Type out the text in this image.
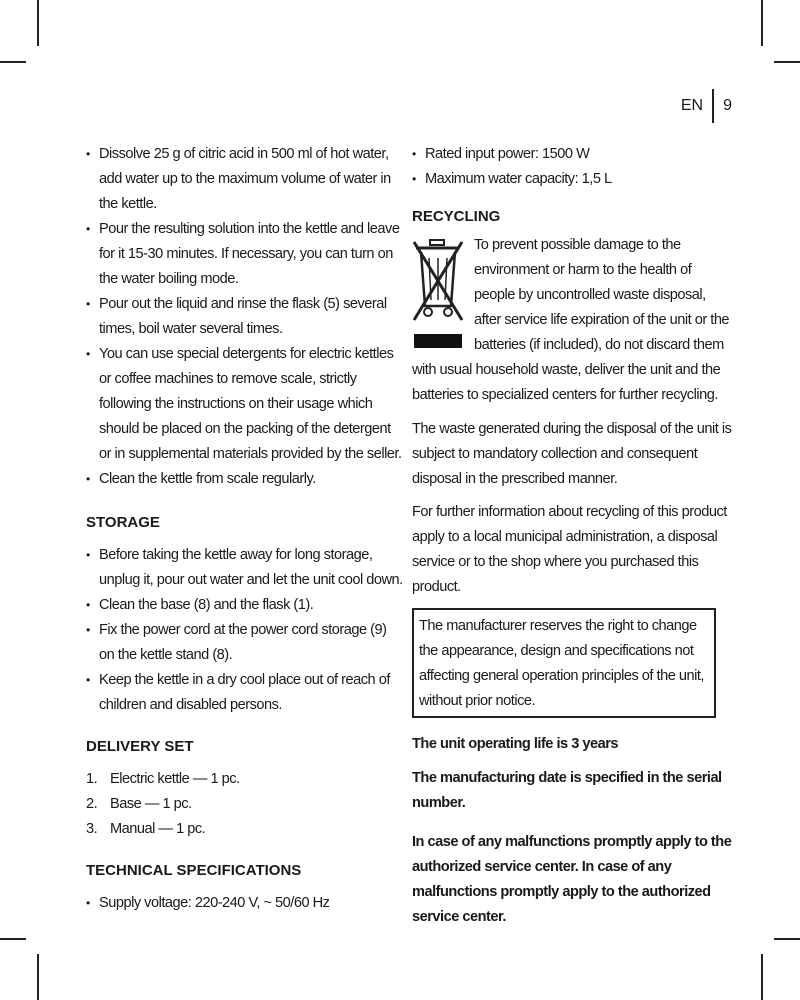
EN	9
• Dissolve 25 g of citric acid in 500 ml of hot water, add water up to the maximum volume of water in the kettle.
• Pour the resulting solution into the kettle and leave for it 15-30 minutes. If necessary, you can turn on the water boiling mode.
• Pour out the liquid and rinse the flask (5) several times, boil water several times.
• You can use special detergents for electric kettles or coffee machines to remove scale, strictly following the instructions on their usage which should be placed on the packing of the detergent or in supplemental materials provided by the seller.
• Clean the kettle from scale regularly.
STORAGE
• Before taking the kettle away for long storage, unplug it, pour out water and let the unit cool down.
• Clean the base (8) and the flask (1).
• Fix the power cord at the power cord storage (9) on the kettle stand (8).
• Keep the kettle in a dry cool place out of reach of children and disabled persons.
DELIVERY SET
1. Electric kettle — 1 pc.
2. Base — 1 pc.
3. Manual — 1 pc.
TECHNICAL SPECIFICATIONS
• Supply voltage: 220-240 V, ~ 50/60 Hz
• Rated input power: 1500 W
• Maximum water capacity: 1,5 L
RECYCLING

To prevent possible damage to the environment or harm to the health of people by uncontrolled waste disposal, after service life expiration of the unit or the batteries (if included), do not discard them with usual household waste, deliver the unit and the batteries to specialized centers for further recycling.

The waste generated during the disposal of the unit is subject to mandatory collection and consequent disposal in the prescribed manner.

For further information about recycling of this product apply to a local municipal administration, a disposal service or to the shop where you purchased this product.

The manufacturer reserves the right to change the appearance, design and specifications not affecting general operation principles of the unit, without prior notice.

The unit operating life is 3 years

The manufacturing date is specified in the serial number.

In case of any malfunctions promptly apply to the authorized service center. In case of any malfunctions promptly apply to the authorized service center.
